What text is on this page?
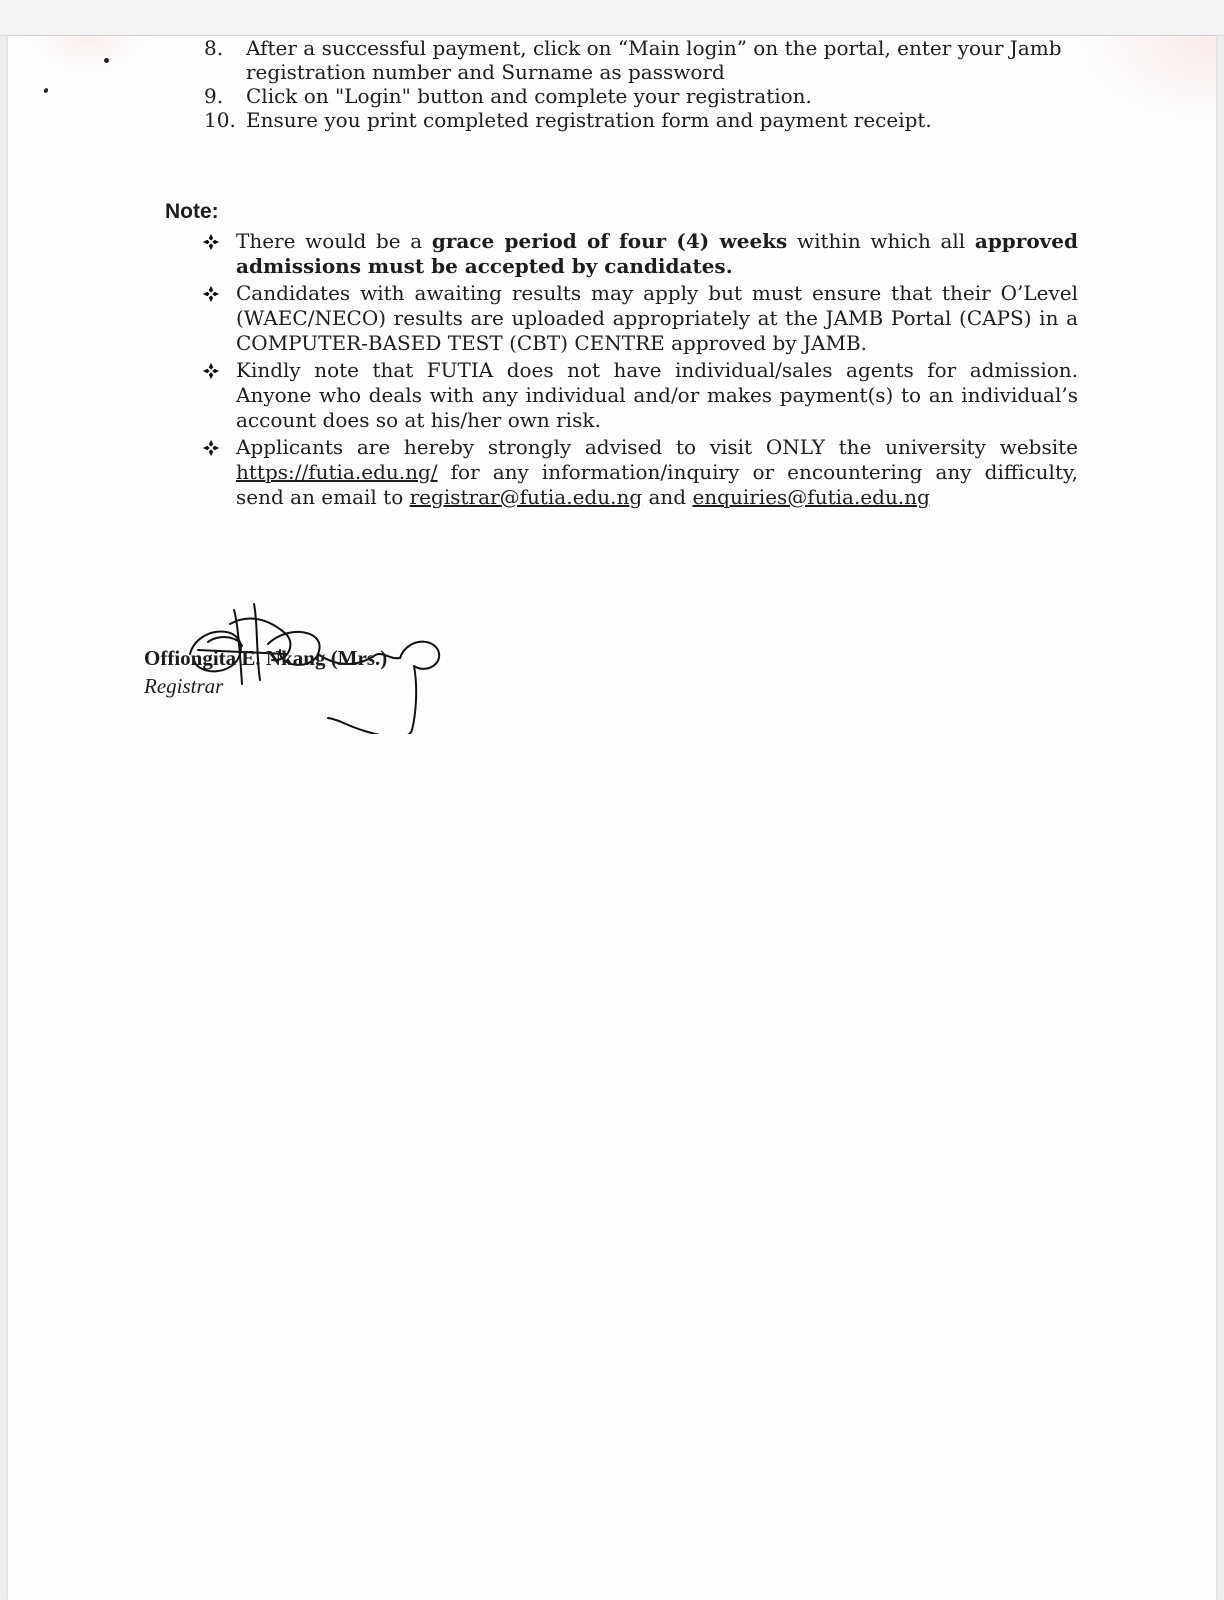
8.	After a successful payment, click on “Main login” on the portal, enter your Jamb registration number and Surname as password
9.	Click on "Login" button and complete your registration.
10. Ensure you print completed registration form and payment receipt.
Note:
There would be a grace period of four (4) weeks within which all approved admissions must be accepted by candidates.
Candidates with awaiting results may apply but must ensure that their O’Level (WAEC/NECO) results are uploaded appropriately at the JAMB Portal (CAPS) in a COMPUTER-BASED TEST (CBT) CENTRE approved by JAMB.
Kindly note that FUTIA does not have individual/sales agents for admission. Anyone who deals with any individual and/or makes payment(s) to an individual’s account does so at his/her own risk.
Applicants are hereby strongly advised to visit ONLY the university website https://futia.edu.ng/ for any information/inquiry or encountering any difficulty, send an email to registrar@futia.edu.ng and enquiries@futia.edu.ng
Offiongita E. Nkang (Mrs.)
Registrar
